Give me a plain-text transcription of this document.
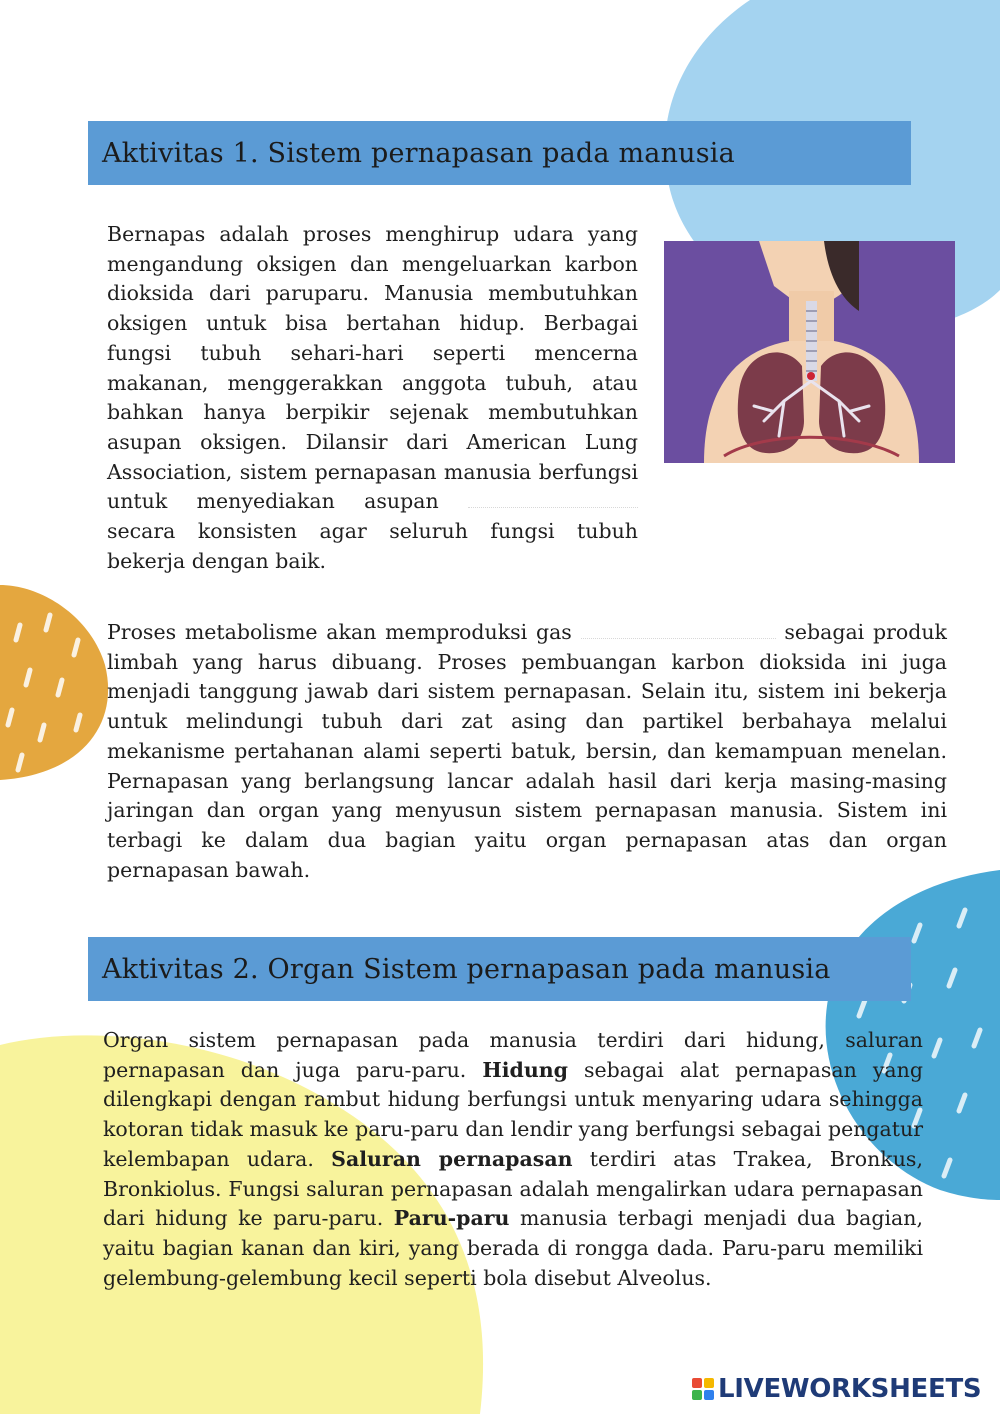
Aktivitas 1. Sistem pernapasan pada manusia

Bernapas adalah proses menghirup udara yang mengandung oksigen dan mengeluarkan karbon dioksida dari paruparu. Manusia membutuhkan oksigen untuk bisa bertahan hidup. Berbagai fungsi tubuh sehari-hari seperti mencerna makanan, menggerakkan anggota tubuh, atau bahkan hanya berpikir sejenak membutuhkan asupan oksigen. Dilansir dari American Lung Association, sistem pernapasan manusia berfungsi untuk menyediakan asupan  secara konsisten agar seluruh fungsi tubuh bekerja dengan baik.

Proses metabolisme akan memproduksi gas	sebagai produk limbah yang harus dibuang. Proses pembuangan karbon dioksida ini juga menjadi tanggung jawab dari sistem pernapasan. Selain itu, sistem ini bekerja untuk melindungi tubuh dari zat asing dan partikel berbahaya melalui mekanisme pertahanan alami seperti batuk, bersin, dan kemampuan menelan. Pernapasan yang berlangsung lancar adalah hasil dari kerja masing-masing jaringan dan organ yang menyusun sistem pernapasan manusia. Sistem ini terbagi ke dalam dua bagian yaitu organ pernapasan atas dan organ pernapasan bawah.

Aktivitas 2. Organ Sistem pernapasan pada manusia

Organ sistem pernapasan pada manusia terdiri dari hidung, saluran pernapasan dan juga paru-paru. Hidung sebagai alat pernapasan yang dilengkapi dengan rambut hidung berfungsi untuk menyaring udara sehingga kotoran tidak masuk ke paru-paru dan lendir yang berfungsi sebagai pengatur kelembapan udara. Saluran pernapasan terdiri atas Trakea, Bronkus, Bronkiolus. Fungsi saluran pernapasan adalah mengalirkan udara pernapasan dari hidung ke paru-paru. Paru-paru manusia terbagi menjadi dua bagian, yaitu bagian kanan dan kiri, yang berada di rongga dada. Paru-paru memiliki gelembung-gelembung kecil seperti bola disebut Alveolus.

LIVEWORKSHEETS
